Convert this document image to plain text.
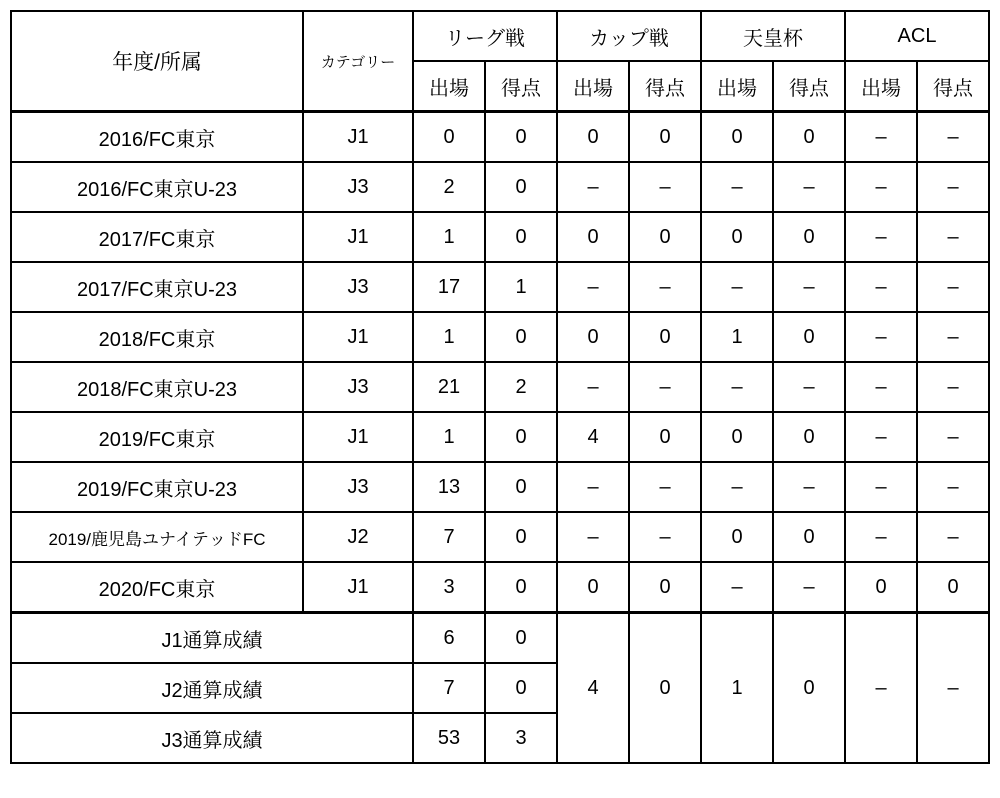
年度/所属	カテゴリー	リーグ戦		カップ戦		天皇杯		ACL	
		出場	得点	出場	得点	出場	得点	出場	得点
2016/FC東京	J1	0	0	0	0	0	0	–	–
2016/FC東京U-23	J3	2	0	–	–	–	–	–	–
2017/FC東京	J1	1	0	0	0	0	0	–	–
2017/FC東京U-23	J3	17	1	–	–	–	–	–	–
2018/FC東京	J1	1	0	0	0	1	0	–	–
2018/FC東京U-23	J3	21	2	–	–	–	–	–	–
2019/FC東京	J1	1	0	4	0	0	0	–	–
2019/FC東京U-23	J3	13	0	–	–	–	–	–	–
2019/鹿児島ユナイテッドFC	J2	7	0	–	–	0	0	–	–
2020/FC東京	J1	3	0	0	0	–	–	0	0
J1通算成績		6	0	4	0	1	0	–	–
J2通算成績		7	0						
J3通算成績		53	3						
